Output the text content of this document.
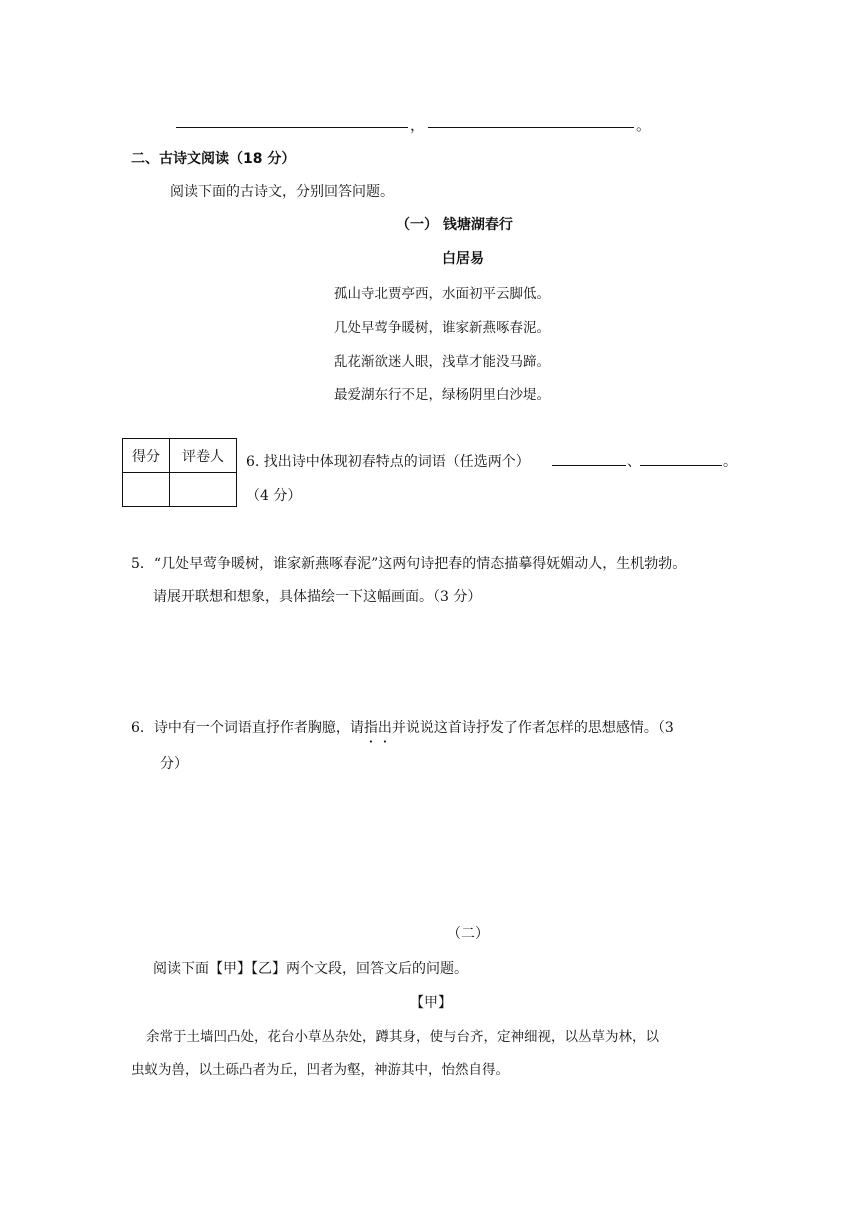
，	。
二、古诗文阅读（18 分）
阅读下面的古诗文，分别回答问题。
（一） 钱塘湖春行
白居易
孤山寺北贾亭西，水面初平云脚低。
几处早莺争暖树，谁家新燕啄春泥。
乱花渐欲迷人眼，浅草才能没马蹄。
最爱湖东行不足，绿杨阴里白沙堤。
得分	评卷人
	6. 找出诗中体现初春特点的词语（任选两个）	、	。
（4 分）
5．“几处早莺争暖树，谁家新燕啄春泥”这两句诗把春的情态描摹得妩媚动人，生机勃勃。
请展开联想和想象，具体描绘一下这幅画面。（3 分）
6．诗中有一个词语直抒作者胸臆，请指出并说说这首诗抒发了作者怎样的思想感情。（3
分）
（二）
阅读下面【甲】【乙】两个文段，回答文后的问题。
【甲】
余常于土墙凹凸处，花台小草丛杂处，蹲其身，使与台齐，定神细视，以丛草为林，以
虫蚁为兽，以土砾凸者为丘，凹者为壑，神游其中，怡然自得。
